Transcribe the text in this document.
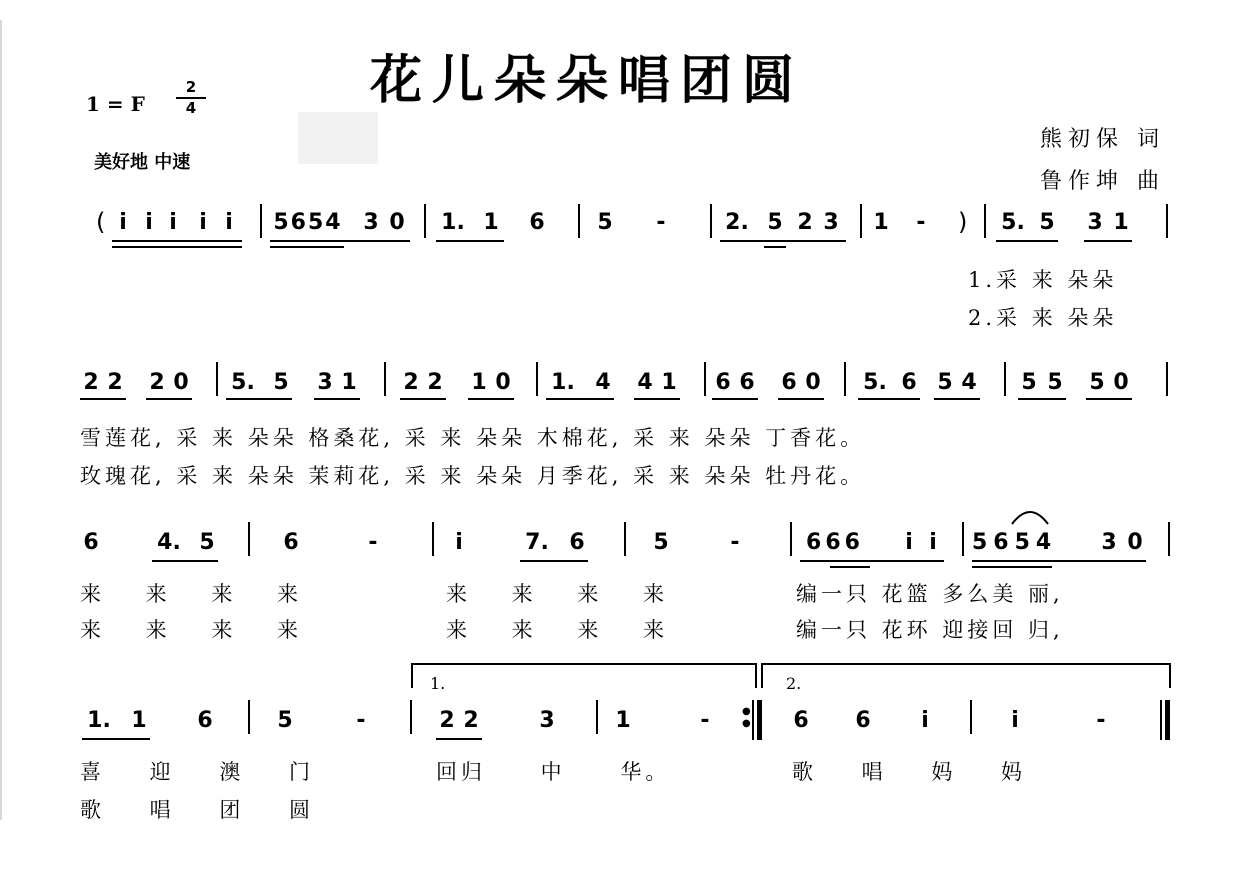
花儿朵朵唱团圆
1 = F
2
4
美好地 中速
熊初保 词
鲁作坤 曲
( i i i	i i	5654 3 0 1. 1 6 5 -	2. 5 2 3 1 - ) 5. 5 3 1
1.采 来 朵朵
2.采 来 朵朵
2 2 2 0 5. 5 3 1 2 2 1 0 1. 4 4 1 6 6 6 0 5. 6 5 4 5 5 5 0
雪莲花, 采 来 朵朵 格桑花, 采 来 朵朵 木棉花, 采 来 朵朵 丁香花。
玫瑰花, 采 来 朵朵 茉莉花, 采 来 朵朵 月季花, 采 来 朵朵 牡丹花。
6	4. 5	6	-	i	7. 6	5	-	666	i i	5654 3 0
来 来 来 来	来 来 来 来	编一只 花篮 多么美 丽,
来 来 来 来	来 来 来 来	编一只 花环 迎接回 归,
1.	2.
1. 1 6	5	-	2 2	3	1	-	●
● 6 6	i	i	-
喜 迎 澳 门	回归 中 华。	歌 唱 妈 妈
歌 唱 团 圆
